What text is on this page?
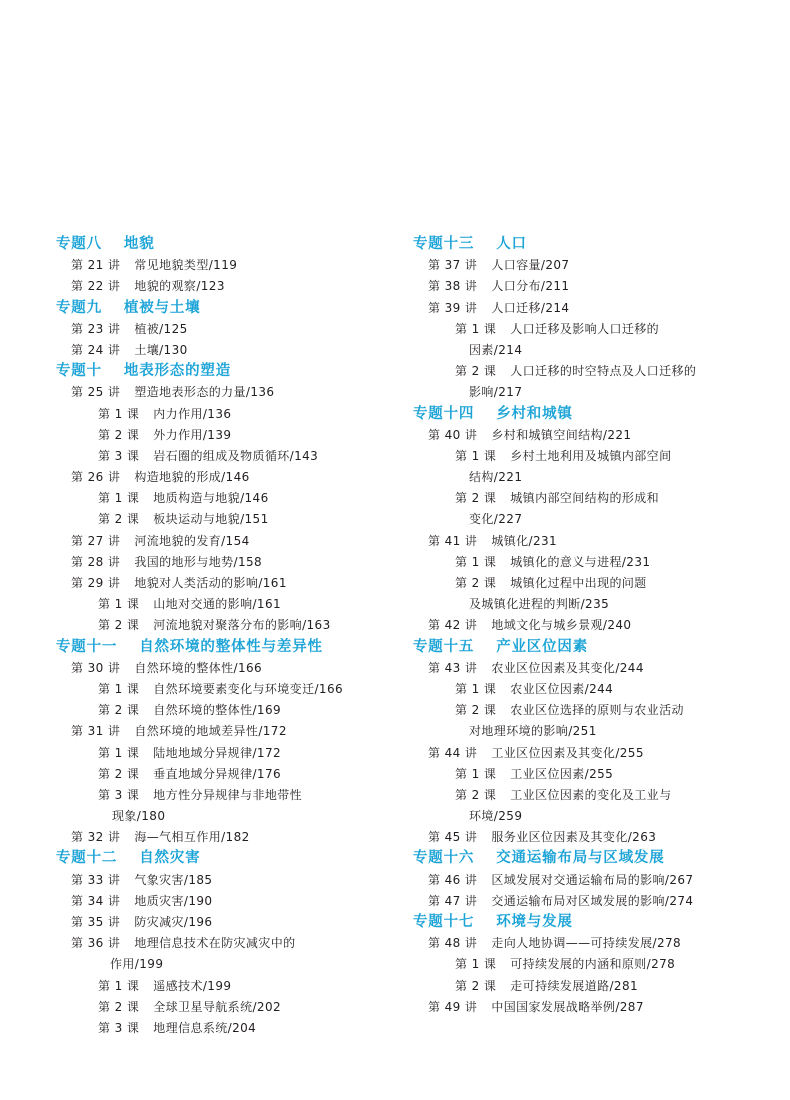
专题八 地貌
第 21 讲 常见地貌类型/119
第 22 讲 地貌的观察/123
专题九 植被与土壤
第 23 讲 植被/125
第 24 讲 土壤/130
专题十 地表形态的塑造
第 25 讲 塑造地表形态的力量/136
第 1 课 内力作用/136
第 2 课 外力作用/139
第 3 课 岩石圈的组成及物质循环/143
第 26 讲 构造地貌的形成/146
第 1 课 地质构造与地貌/146
第 2 课 板块运动与地貌/151
第 27 讲 河流地貌的发育/154
第 28 讲 我国的地形与地势/158
第 29 讲 地貌对人类活动的影响/161
第 1 课 山地对交通的影响/161
第 2 课 河流地貌对聚落分布的影响/163
专题十一 自然环境的整体性与差异性
第 30 讲 自然环境的整体性/166
第 1 课 自然环境要素变化与环境变迁/166
第 2 课 自然环境的整体性/169
第 31 讲 自然环境的地域差异性/172
第 1 课 陆地地域分异规律/172
第 2 课 垂直地域分异规律/176
第 3 课 地方性分异规律与非地带性
现象/180
第 32 讲 海—气相互作用/182
专题十二 自然灾害
第 33 讲 气象灾害/185
第 34 讲 地质灾害/190
第 35 讲 防灾减灾/196
第 36 讲 地理信息技术在防灾减灾中的
作用/199
第 1 课 遥感技术/199
第 2 课 全球卫星导航系统/202
第 3 课 地理信息系统/204
专题十三 人口
第 37 讲 人口容量/207
第 38 讲 人口分布/211
第 39 讲 人口迁移/214
第 1 课 人口迁移及影响人口迁移的
因素/214
第 2 课 人口迁移的时空特点及人口迁移的
影响/217
专题十四 乡村和城镇
第 40 讲 乡村和城镇空间结构/221
第 1 课 乡村土地利用及城镇内部空间
结构/221
第 2 课 城镇内部空间结构的形成和
变化/227
第 41 讲 城镇化/231
第 1 课 城镇化的意义与进程/231
第 2 课 城镇化过程中出现的问题
及城镇化进程的判断/235
第 42 讲 地域文化与城乡景观/240
专题十五 产业区位因素
第 43 讲 农业区位因素及其变化/244
第 1 课 农业区位因素/244
第 2 课 农业区位选择的原则与农业活动
对地理环境的影响/251
第 44 讲 工业区位因素及其变化/255
第 1 课 工业区位因素/255
第 2 课 工业区位因素的变化及工业与
环境/259
第 45 讲 服务业区位因素及其变化/263
专题十六 交通运输布局与区域发展
第 46 讲 区域发展对交通运输布局的影响/267
第 47 讲 交通运输布局对区域发展的影响/274
专题十七 环境与发展
第 48 讲 走向人地协调——可持续发展/278
第 1 课 可持续发展的内涵和原则/278
第 2 课 走可持续发展道路/281
第 49 讲 中国国家发展战略举例/287
